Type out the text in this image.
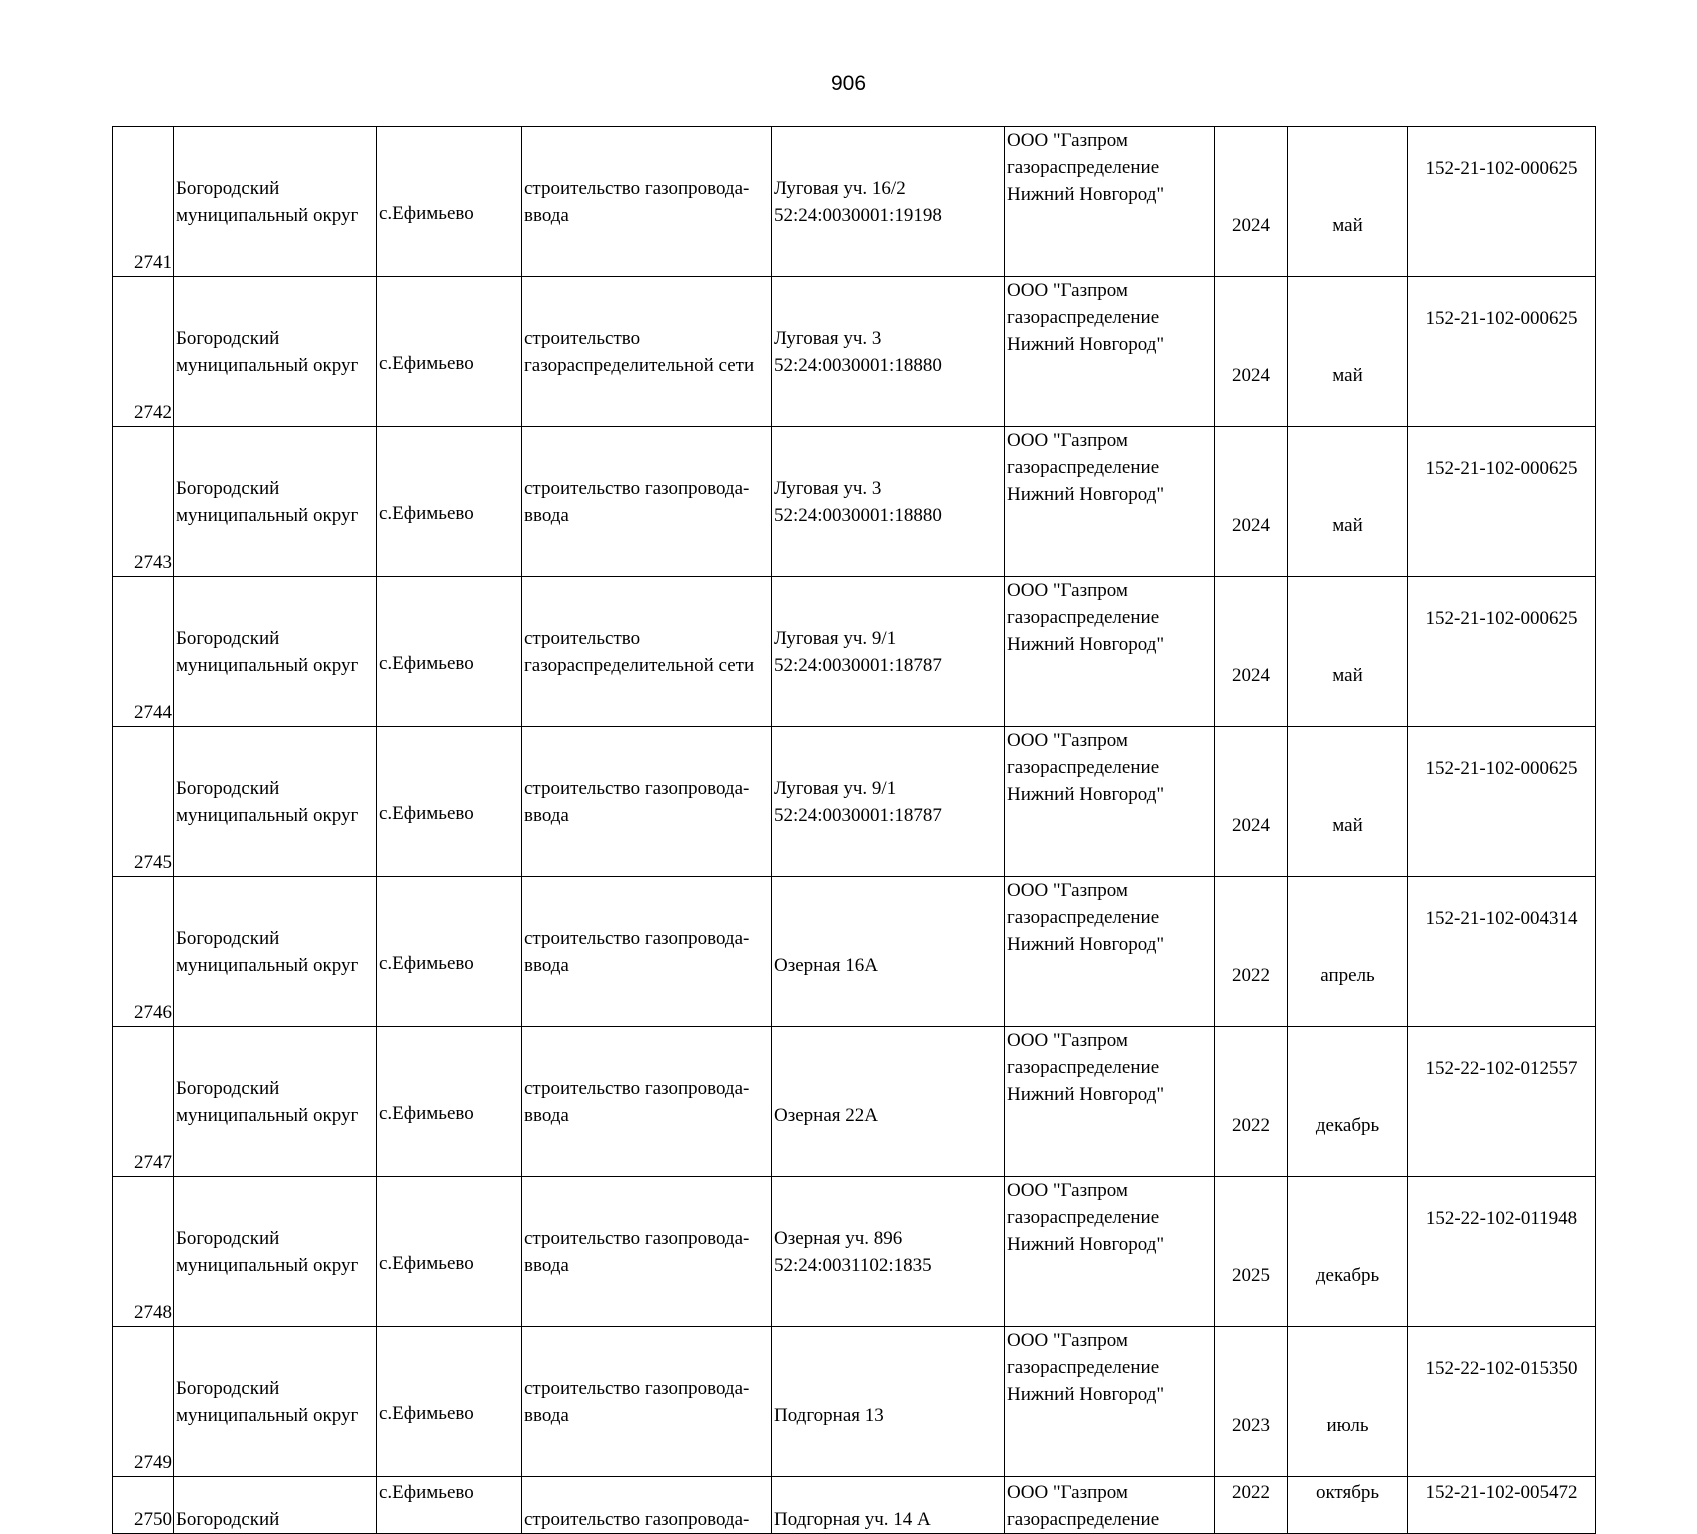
906
2741	Богородский
муниципальный округ	с.Ефимьево	строительство газопровода-
ввода	Луговая уч. 16/2
52:24:0030001:19198	ООО "Газпром
газораспределение
Нижний Новгород"	2024	май	152-21-102-000625
2742	Богородский
муниципальный округ	с.Ефимьево	строительство
газораспределительной сети	Луговая уч. 3
52:24:0030001:18880	ООО "Газпром
газораспределение
Нижний Новгород"	2024	май	152-21-102-000625
2743	Богородский
муниципальный округ	с.Ефимьево	строительство газопровода-
ввода	Луговая уч. 3
52:24:0030001:18880	ООО "Газпром
газораспределение
Нижний Новгород"	2024	май	152-21-102-000625
2744	Богородский
муниципальный округ	с.Ефимьево	строительство
газораспределительной сети	Луговая уч. 9/1
52:24:0030001:18787	ООО "Газпром
газораспределение
Нижний Новгород"	2024	май	152-21-102-000625
2745	Богородский
муниципальный округ	с.Ефимьево	строительство газопровода-
ввода	Луговая уч. 9/1
52:24:0030001:18787	ООО "Газпром
газораспределение
Нижний Новгород"	2024	май	152-21-102-000625
2746	Богородский
муниципальный округ	с.Ефимьево	строительство газопровода-
ввода	Озерная 16А	ООО "Газпром
газораспределение
Нижний Новгород"	2022	апрель	152-21-102-004314
2747	Богородский
муниципальный округ	с.Ефимьево	строительство газопровода-
ввода	Озерная 22А	ООО "Газпром
газораспределение
Нижний Новгород"	2022	декабрь	152-22-102-012557
2748	Богородский
муниципальный округ	с.Ефимьево	строительство газопровода-
ввода	Озерная уч. 896
52:24:0031102:1835	ООО "Газпром
газораспределение
Нижний Новгород"	2025	декабрь	152-22-102-011948
2749	Богородский
муниципальный округ	с.Ефимьево	строительство газопровода-
ввода	Подгорная 13	ООО "Газпром
газораспределение
Нижний Новгород"	2023	июль	152-22-102-015350
2750	Богородский	с.Ефимьево	строительство газопровода-	Подгорная уч. 14 А	ООО "Газпром
газораспределение	2022	октябрь	152-21-102-005472
